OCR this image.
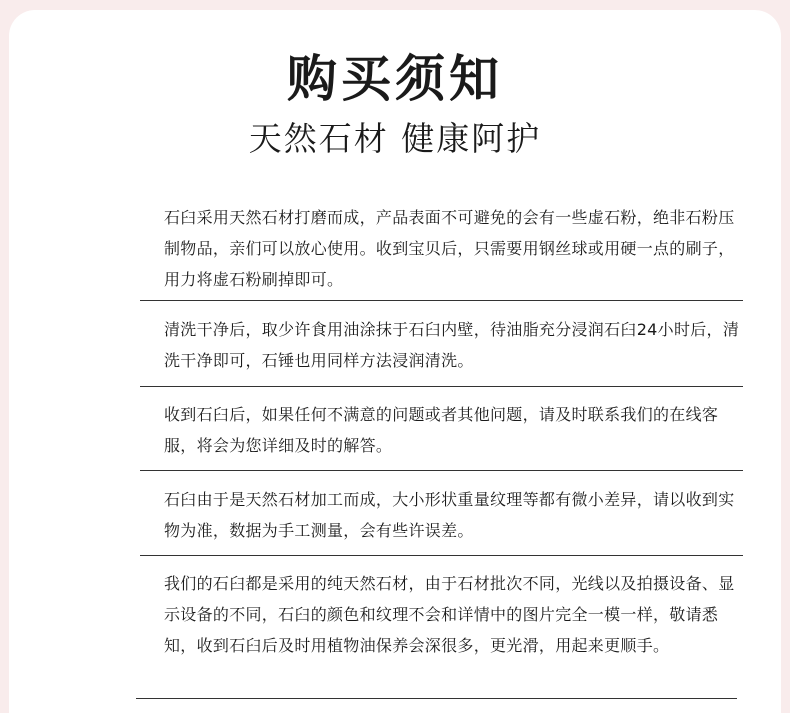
购买须知
天然石材 健康阿护

石臼采用天然石材打磨而成，产品表面不可避免的会有一些虚石粉，绝非石粉压制物品，亲们可以放心使用。收到宝贝后，只需要用钢丝球或用硬一点的刷子，用力将虚石粉刷掉即可。

清洗干净后，取少许食用油涂抹于石臼内壁，待油脂充分浸润石臼24小时后，清洗干净即可，石锤也用同样方法浸润清洗。

收到石臼后，如果任何不满意的问题或者其他问题，请及时联系我们的在线客服，将会为您详细及时的解答。

石臼由于是天然石材加工而成，大小形状重量纹理等都有微小差异，请以收到实物为准，数据为手工测量，会有些许误差。

我们的石臼都是采用的纯天然石材，由于石材批次不同，光线以及拍摄设备、显示设备的不同，石臼的颜色和纹理不会和详情中的图片完全一模一样，敬请悉知，收到石臼后及时用植物油保养会深很多，更光滑，用起来更顺手。
